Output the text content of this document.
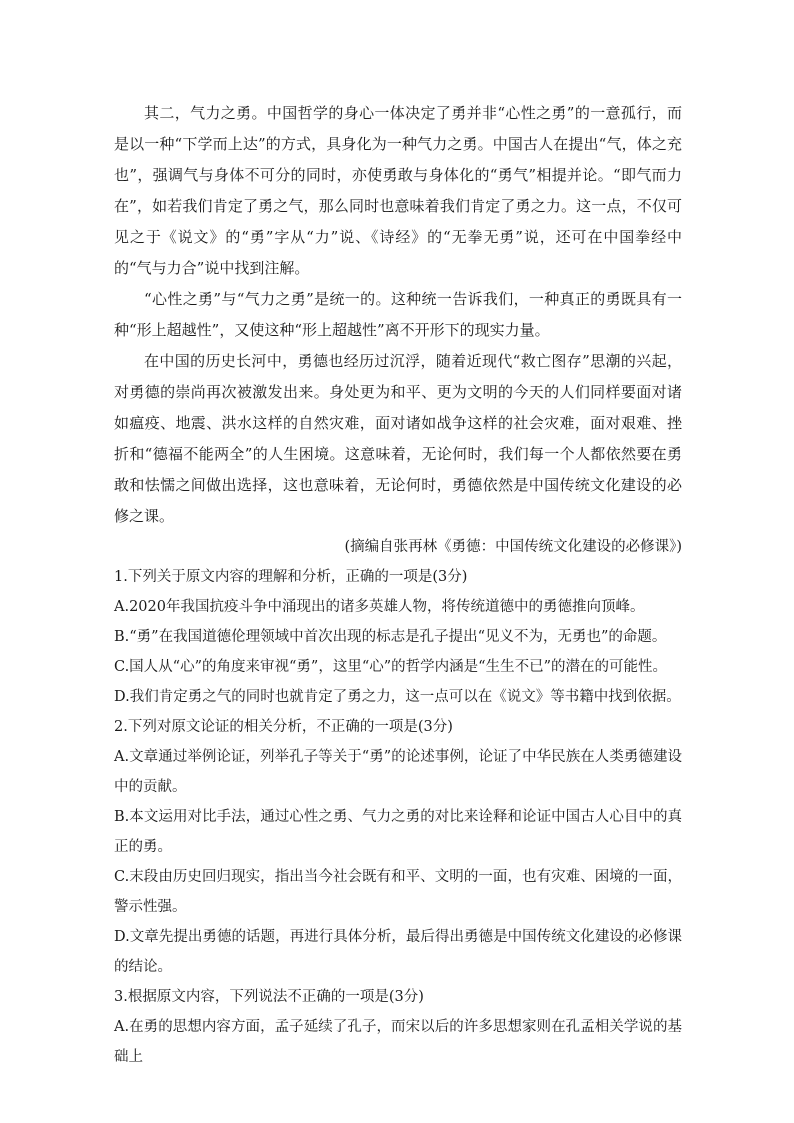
其二，气力之勇。中国哲学的身心一体决定了勇并非“心性之勇”的一意孤行，而是以一种“下学而上达”的方式，具身化为一种气力之勇。中国古人在提出“气，体之充也”，强调气与身体不可分的同时，亦使勇敢与身体化的“勇气”相提并论。“即气而力在”，如若我们肯定了勇之气，那么同时也意味着我们肯定了勇之力。这一点，不仅可见之于《说文》的“勇”字从“力”说、《诗经》的“无拳无勇”说，还可在中国拳经中的“气与力合”说中找到注解。

“心性之勇”与“气力之勇”是统一的。这种统一告诉我们，一种真正的勇既具有一种“形上超越性”，又使这种“形上超越性”离不开形下的现实力量。

在中国的历史长河中，勇德也经历过沉浮，随着近现代“救亡图存”思潮的兴起，对勇德的崇尚再次被激发出来。身处更为和平、更为文明的今天的人们同样要面对诸如瘟疫、地震、洪水这样的自然灾难，面对诸如战争这样的社会灾难，面对艰难、挫折和“德福不能两全”的人生困境。这意味着，无论何时，我们每一个人都依然要在勇敢和怯懦之间做出选择，这也意味着，无论何时，勇德依然是中国传统文化建设的必修之课。

(摘编自张再林《勇德：中国传统文化建设的必修课》)

1.下列关于原文内容的理解和分析，正确的一项是(3分)

A.2020年我国抗疫斗争中涌现出的诸多英雄人物，将传统道德中的勇德推向顶峰。

B.“勇”在我国道德伦理领域中首次出现的标志是孔子提出“见义不为，无勇也”的命题。

C.国人从“心”的角度来审视“勇”，这里“心”的哲学内涵是“生生不已”的潜在的可能性。

D.我们肯定勇之气的同时也就肯定了勇之力，这一点可以在《说文》等书籍中找到依据。

2.下列对原文论证的相关分析，不正确的一项是(3分)

A.文章通过举例论证，列举孔子等关于“勇”的论述事例，论证了中华民族在人类勇德建设中的贡献。

B.本文运用对比手法，通过心性之勇、气力之勇的对比来诠释和论证中国古人心目中的真正的勇。

C.末段由历史回归现实，指出当今社会既有和平、文明的一面，也有灾难、困境的一面，警示性强。

D.文章先提出勇德的话题，再进行具体分析，最后得出勇德是中国传统文化建设的必修课的结论。

3.根据原文内容，下列说法不正确的一项是(3分)

A.在勇的思想内容方面，孟子延续了孔子，而宋以后的许多思想家则在孔孟相关学说的基础上
